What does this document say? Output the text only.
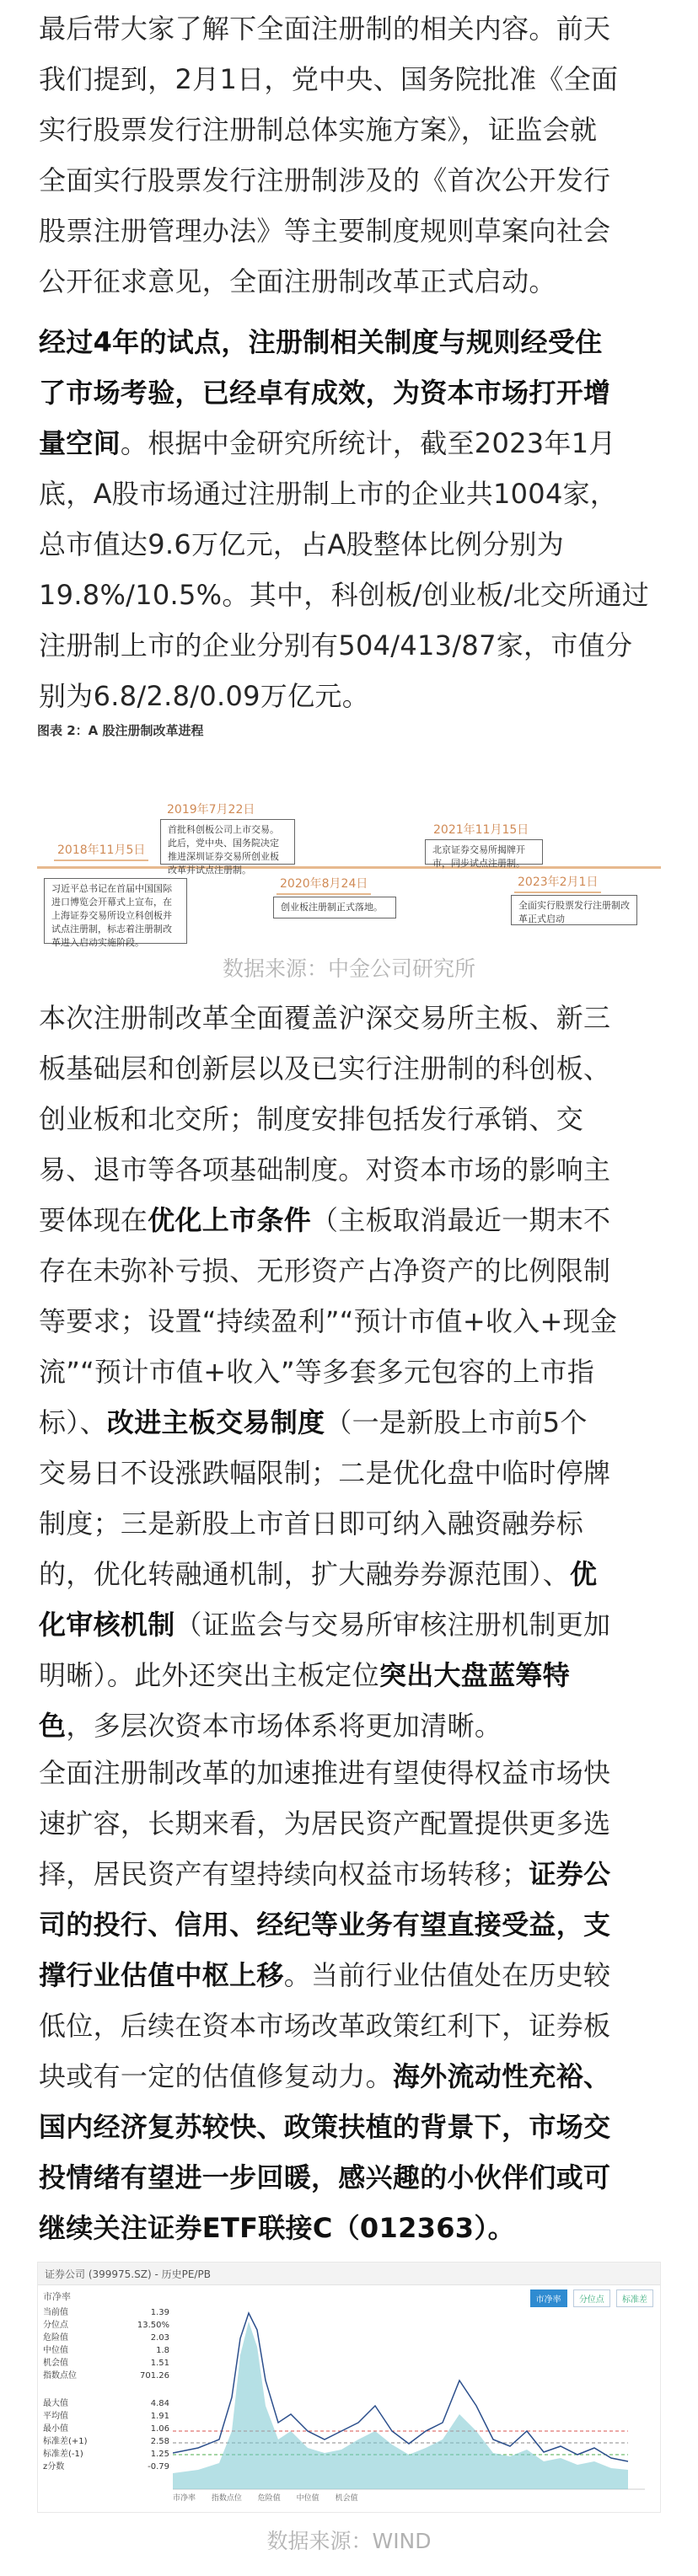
最后带大家了解下全面注册制的相关内容。前天
我们提到，2月1日，党中央、国务院批准《全面
实行股票发行注册制总体实施方案》，证监会就
全面实行股票发行注册制涉及的《首次公开发行
股票注册管理办法》等主要制度规则草案向社会
公开征求意见，全面注册制改革正式启动。
经过4年的试点，注册制相关制度与规则经受住
了市场考验，已经卓有成效，为资本市场打开增
量空间。根据中金研究所统计，截至2023年1月
底，A股市场通过注册制上市的企业共1004家，
总市值达9.6万亿元，占A股整体比例分别为
19.8%/10.5%。其中，科创板/创业板/北交所通过
注册制上市的企业分别有504/413/87家，市值分
别为6.8/2.8/0.09万亿元。
图表 2：A 股注册制改革进程
2018年11月5日
习近平总书记在首届中国国际进口博览会开幕式上宣布，在上海证券交易所设立科创板并试点注册制，标志着注册制改革进入启动实施阶段。
2019年7月22日
首批科创板公司上市交易。此后，党中央、国务院决定推进深圳证券交易所创业板改革并试点注册制。
2020年8月24日
创业板注册制正式落地。
2021年11月15日
北京证券交易所揭牌开市，同步试点注册制。
2023年2月1日
全面实行股票发行注册制改革正式启动
数据来源：中金公司研究所
本次注册制改革全面覆盖沪深交易所主板、新三
板基础层和创新层以及已实行注册制的科创板、
创业板和北交所；制度安排包括发行承销、交
易、退市等各项基础制度。对资本市场的影响主
要体现在优化上市条件（主板取消最近一期末不
存在未弥补亏损、无形资产占净资产的比例限制
等要求；设置“持续盈利”“预计市值+收入+现金
流”“预计市值+收入”等多套多元包容的上市指
标）、改进主板交易制度（一是新股上市前5个
交易日不设涨跌幅限制；二是优化盘中临时停牌
制度；三是新股上市首日即可纳入融资融券标
的，优化转融通机制，扩大融券券源范围）、优
化审核机制（证监会与交易所审核注册机制更加
明晰）。此外还突出主板定位突出大盘蓝筹特
色，多层次资本市场体系将更加清晰。
全面注册制改革的加速推进有望使得权益市场快
速扩容，长期来看，为居民资产配置提供更多选
择，居民资产有望持续向权益市场转移；证券公
司的投行、信用、经纪等业务有望直接受益，支
撑行业估值中枢上移。当前行业估值处在历史较
低位，后续在资本市场改革政策红利下，证券板
块或有一定的估值修复动力。海外流动性充裕、
国内经济复苏较快、政策扶植的背景下，市场交
投情绪有望进一步回暖，感兴趣的小伙伴们或可
继续关注证券ETF联接C（012363）。
证券公司 (399975.SZ) - 历史PE/PB
市净率	市净率 分位点 标准差
当前值	1.39
分位点	13.50%
危险值	2.03
中位值	1.8
机会值	1.51
指数点位	701.26
最大值	4.84
平均值	1.91
最小值	1.06
标准差(+1)	2.58
标准差(-1)	1.25
z分数	-0.79
市净率 指数点位 危险值 中位值 机会值
数据来源：WIND
